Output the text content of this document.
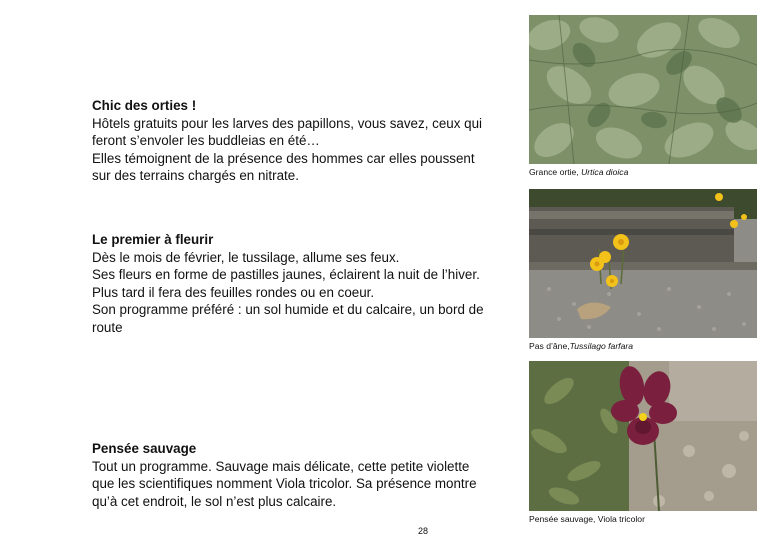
Chic des orties !

Hôtels gratuits pour les larves des papillons, vous savez, ceux qui

feront s’envoler les buddleias en été…

Elles témoignent de la présence des hommes car elles poussent

sur des terrains chargés en nitrate.

Le premier à fleurir

Dès le mois de février, le tussilage, allume ses feux.

Ses fleurs en forme de pastilles jaunes, éclairent la nuit de l’hiver.

Plus tard il fera des feuilles rondes ou en coeur.

Son programme préféré : un sol humide et du calcaire, un bord de

route

Pensée sauvage

Tout un programme. Sauvage mais délicate, cette petite violette

que les scientifiques nomment Viola tricolor. Sa présence montre

qu’à cet endroit, le sol n’est plus calcaire.

Grance ortie, Urtica dioica
Pas d’âne,Tussilago farfara
Pensée sauvage, Viola tricolor
28
